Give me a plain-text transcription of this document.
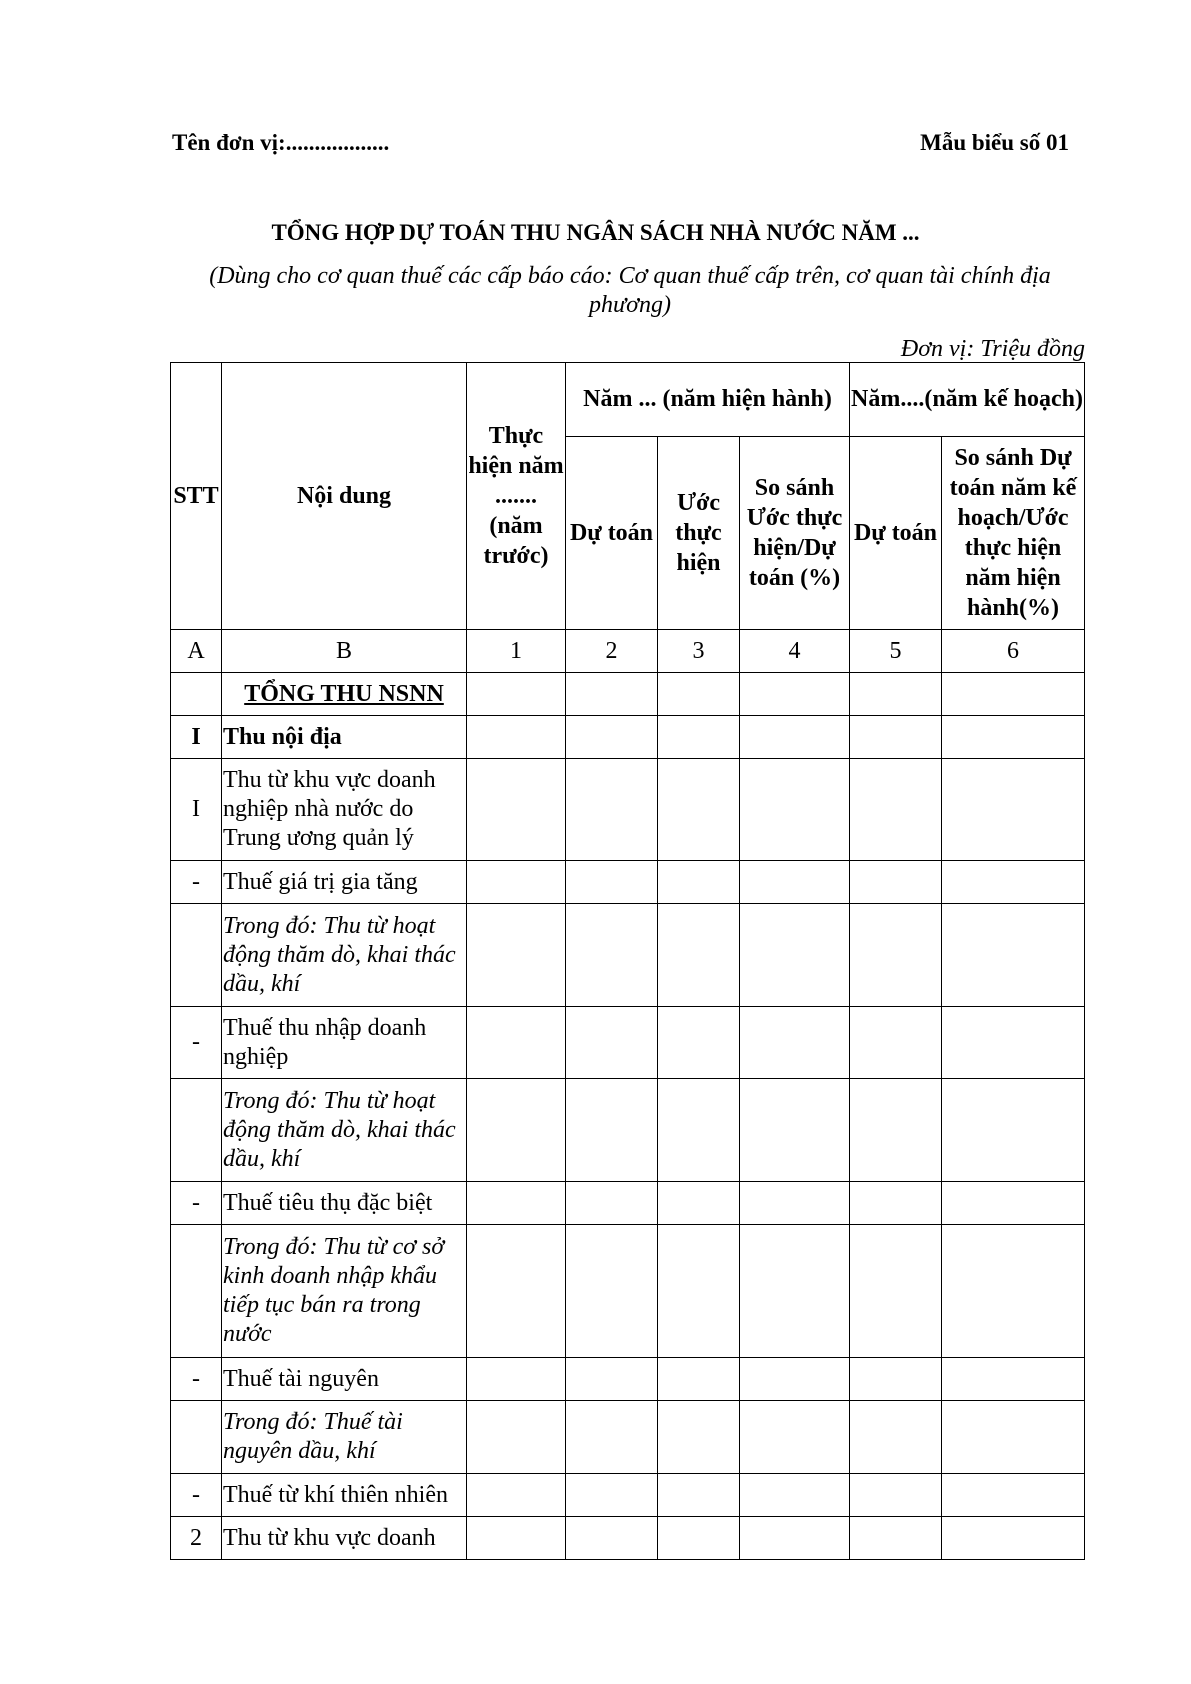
Tên đơn vị:..................	Mẫu biểu số 01
TỔNG HỢP DỰ TOÁN THU NGÂN SÁCH NHÀ NƯỚC NĂM ...
(Dùng cho cơ quan thuế các cấp báo cáo: Cơ quan thuế cấp trên, cơ quan tài chính địa phương)
Đơn vị: Triệu đồng
STT	Nội dung	Thực hiện năm ....... (năm trước)	Năm ... (năm hiện hành)			Năm....(năm kế hoạch)	
			Dự toán	Ước thực hiện	So sánh Ước thực hiện/Dự toán (%)	Dự toán	So sánh Dự toán năm kế hoạch/Ước thực hiện năm hiện hành(%)
A	B	1	2	3	4	5	6
	TỔNG THU NSNN						
I	Thu nội địa						
I	Thu từ khu vực doanh nghiệp nhà nước do Trung ương quản lý						
-	Thuế giá trị gia tăng						
	Trong đó: Thu từ hoạt động thăm dò, khai thác dầu, khí						
-	Thuế thu nhập doanh nghiệp						
	Trong đó: Thu từ hoạt động thăm dò, khai thác dầu, khí						
-	Thuế tiêu thụ đặc biệt						
	Trong đó: Thu từ cơ sở kinh doanh nhập khẩu tiếp tục bán ra trong nước						
-	Thuế tài nguyên						
	Trong đó: Thuế tài nguyên dầu, khí						
-	Thuế từ khí thiên nhiên						
2	Thu từ khu vực doanh						
